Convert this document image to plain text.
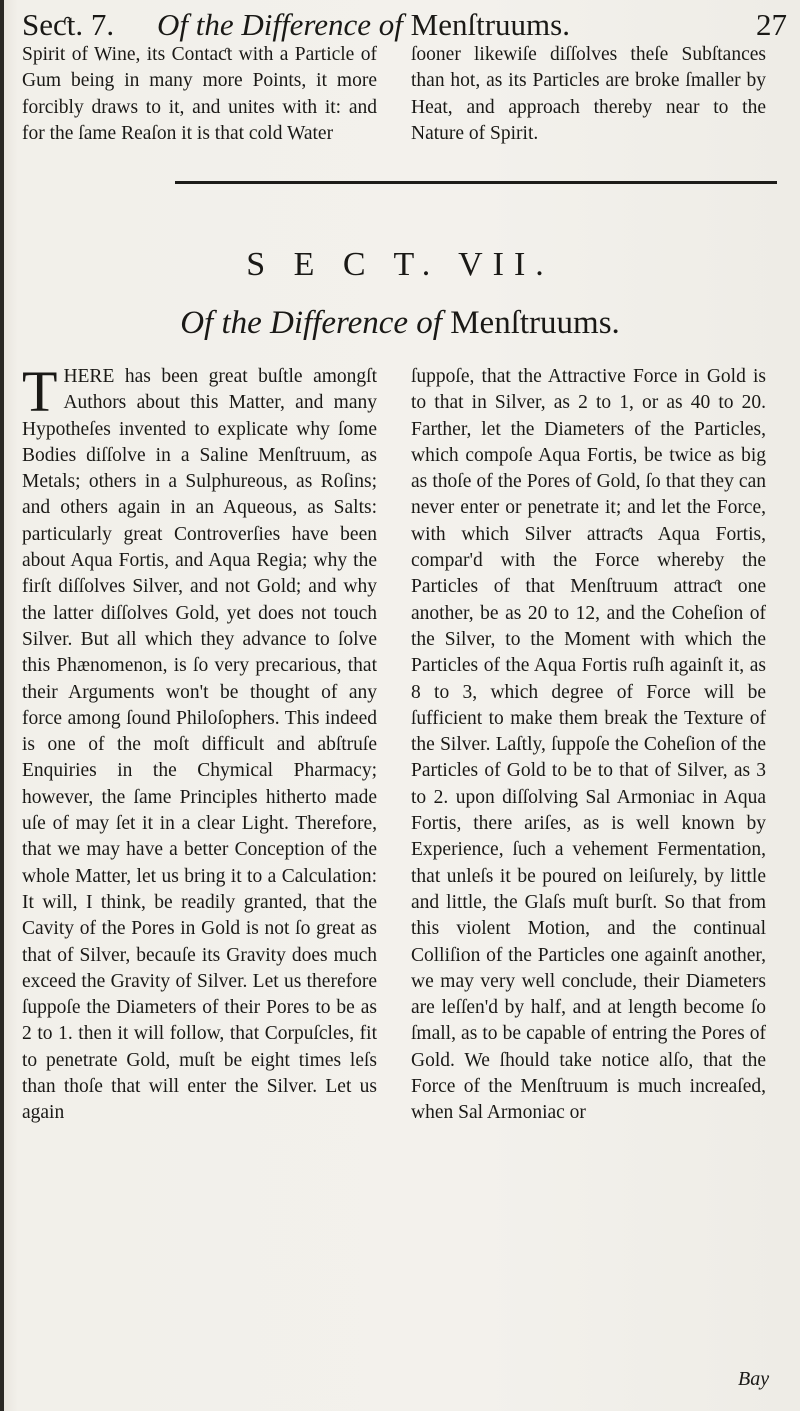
Seƈt. 7. Of the Difference of Menſtruums.	27

Spirit of Wine, its Contaƈt with a Particle of Gum being in many more Points, it more forcibly draws to it, and unites with it: and for the ſame Reaſon it is that cold Water

ſooner likewiſe diſſolves theſe Subſtances than hot, as its Particles are broke ſmaller by Heat, and approach thereby near to the Nature of Spirit.

S E C T. VII.
Of the Difference of Menſtruums.

THERE has been great buſtle amongſt Authors about this Matter, and many Hypotheſes invented to explicate why ſome Bodies diſſolve in a Saline Menſtruum, as Metals; others in a Sulphureous, as Roſins; and others again in an Aqueous, as Salts: particularly great Controverſies have been about Aqua Fortis, and Aqua Regia; why the firſt diſſolves Silver, and not Gold; and why the latter diſſolves Gold, yet does not touch Silver. But all which they advance to ſolve this Phænomenon, is ſo very precarious, that their Arguments won't be thought of any force among ſound Philoſophers. This indeed is one of the moſt difficult and abſtruſe Enquiries in the Chymical Pharmacy; however, the ſame Principles hitherto made uſe of may ſet it in a clear Light. Therefore, that we may have a better Conception of the whole Matter, let us bring it to a Calculation: It will, I think, be readily granted, that the Cavity of the Pores in Gold is not ſo great as that of Silver, becauſe its Gravity does much exceed the Gravity of Silver. Let us therefore ſuppoſe the Diameters of their Pores to be as 2 to 1. then it will follow, that Corpuſcles, fit to penetrate Gold, muſt be eight times leſs than thoſe that will enter the Silver. Let us again

ſuppoſe, that the Attractive Force in Gold is to that in Silver, as 2 to 1, or as 40 to 20. Farther, let the Diameters of the Particles, which compoſe Aqua Fortis, be twice as big as thoſe of the Pores of Gold, ſo that they can never enter or penetrate it; and let the Force, with which Silver attraƈts Aqua Fortis, compar'd with the Force whereby the Particles of that Menſtruum attraƈt one another, be as 20 to 12, and the Coheſion of the Silver, to the Moment with which the Particles of the Aqua Fortis ruſh againſt it, as 8 to 3, which degree of Force will be ſufficient to make them break the Texture of the Silver. Laſtly, ſuppoſe the Coheſion of the Particles of Gold to be to that of Silver, as 3 to 2. upon diſſolving Sal Armoniac in Aqua Fortis, there ariſes, as is well known by Experience, ſuch a vehement Fermentation, that unleſs it be poured on leiſurely, by little and little, the Glaſs muſt burſt. So that from this violent Motion, and the continual Colliſion of the Particles one againſt another, we may very well conclude, their Diameters are leſſen'd by half, and at length become ſo ſmall, as to be capable of entring the Pores of Gold. We ſhould take notice alſo, that the Force of the Menſtruum is much increaſed, when Sal Armoniac or

Bay
